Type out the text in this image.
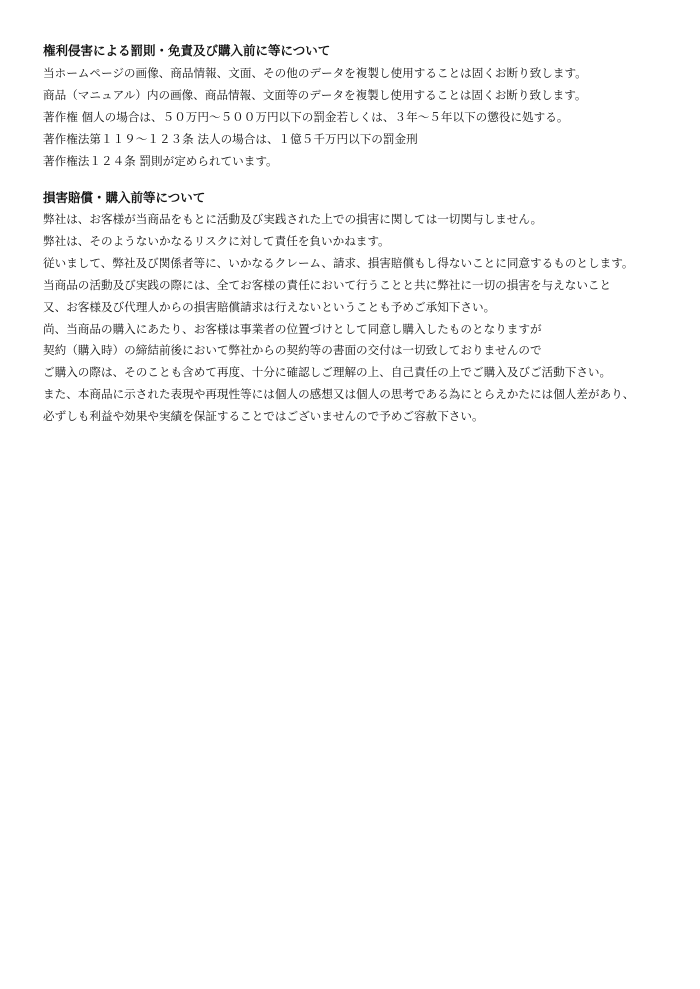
権利侵害による罰則・免責及び購入前に等について

当ホームページの画像、商品情報、文面、その他のデータを複製し使用することは固くお断り致します。

商品（マニュアル）内の画像、商品情報、文面等のデータを複製し使用することは固くお断り致します。

著作権 個人の場合は、５０万円～５００万円以下の罰金若しくは、３年～５年以下の懲役に処する。

著作権法第１１９～１２３条 法人の場合は、１億５千万円以下の罰金刑

著作権法１２４条 罰則が定められています。

損害賠償・購入前等について

弊社は、お客様が当商品をもとに活動及び実践された上での損害に関しては一切関与しません。

弊社は、そのようないかなるリスクに対して責任を負いかねます。

従いまして、弊社及び関係者等に、いかなるクレーム、請求、損害賠償もし得ないことに同意するものとします。

当商品の活動及び実践の際には、全てお客様の責任において行うことと共に弊社に一切の損害を与えないこと

又、お客様及び代理人からの損害賠償請求は行えないということも予めご承知下さい。

尚、当商品の購入にあたり、お客様は事業者の位置づけとして同意し購入したものとなりますが

契約（購入時）の締結前後において弊社からの契約等の書面の交付は一切致しておりませんので

ご購入の際は、そのことも含めて再度、十分に確認しご理解の上、自己責任の上でご購入及びご活動下さい。

また、本商品に示された表現や再現性等には個人の感想又は個人の思考である為にとらえかたには個人差があり、

必ずしも利益や効果や実績を保証することではございませんので予めご容赦下さい。
